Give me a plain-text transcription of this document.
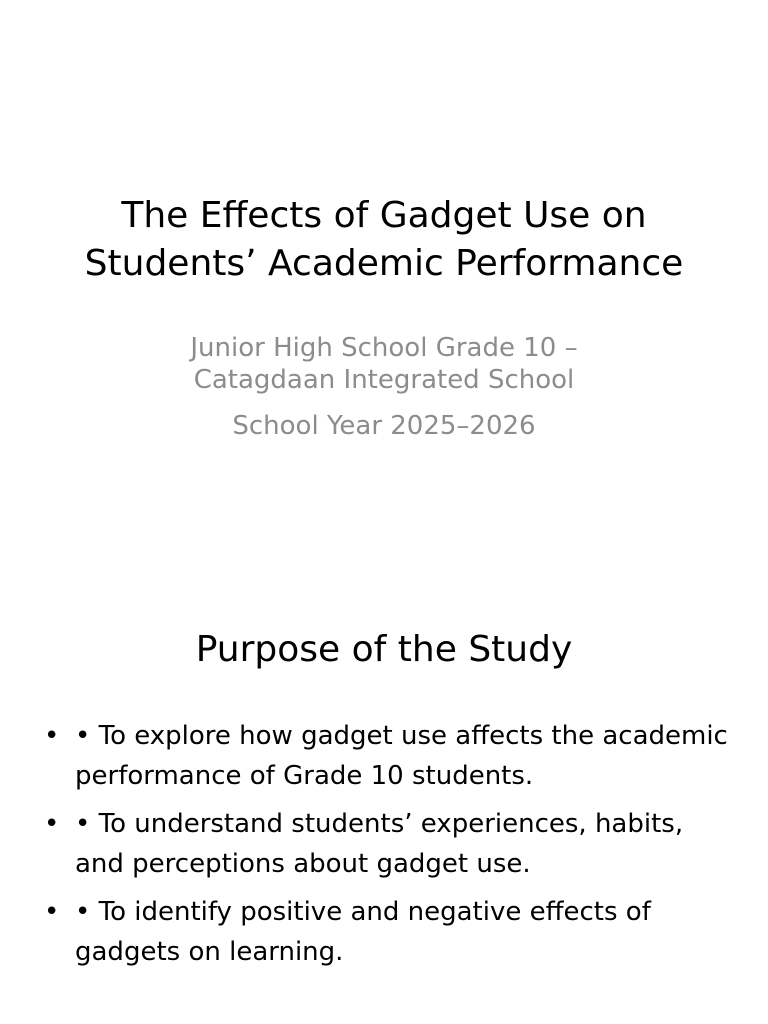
The Effects of Gadget Use on
Students’ Academic Performance
Junior High School Grade 10 –
Catagdaan Integrated School
School Year 2025–2026
Purpose of the Study
• • To explore how gadget use affects the academic performance of Grade 10 students.
• • To understand students’ experiences, habits, and perceptions about gadget use.
• • To identify positive and negative effects of gadgets on learning.
